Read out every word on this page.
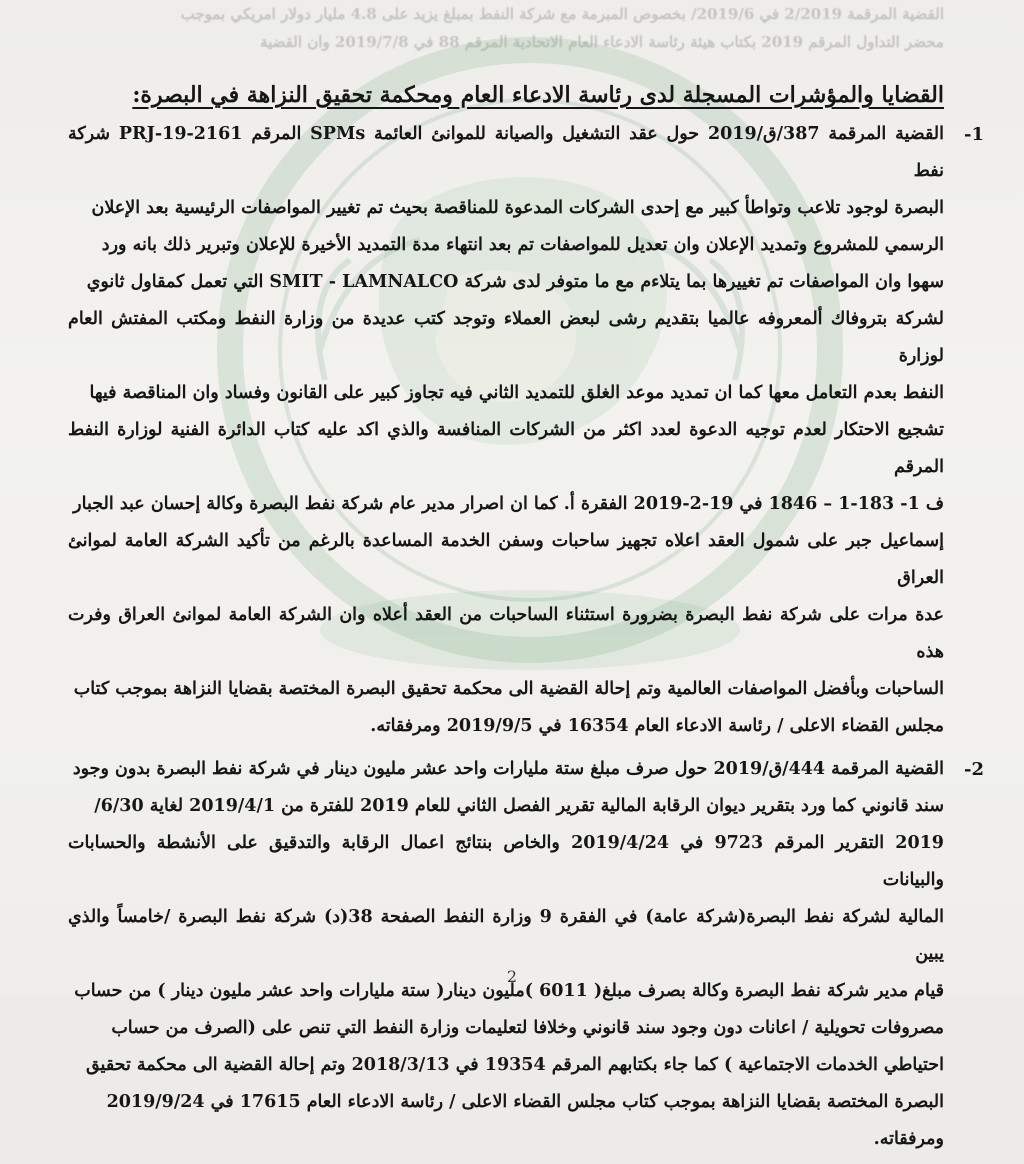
القضية المرقمة 2/2019 في 2019/6/ بخصوص المبرمة مع شركة النفط بمبلغ يزيد على 4.8 مليار دولار امريكي بموجب

محضر التداول المرقم 2019 بكتاب هيئة رئاسة الادعاء العام الاتحادية المرقم 88 في 2019/7/8 وان القضية

القضايا والمؤشرات المسجلة لدى رئاسة الادعاء العام ومحكمة تحقيق النزاهة في البصرة:
-1

القضية المرقمة 387/ق/2019 حول عقد التشغيل والصيانة للموانئ العائمة SPMs المرقم PRJ-19-2161 شركة نفط

البصرة لوجود تلاعب وتواطأ كبير مع إحدى الشركات المدعوة للمناقصة بحيث تم تغيير المواصفات الرئيسية بعد الإعلان

الرسمي للمشروع وتمديد الإعلان وان تعديل للمواصفات تم بعد انتهاء مدة التمديد الأخيرة للإعلان وتبرير ذلك بانه ورد

سهوا وان المواصفات تم تغييرها بما يتلاءم مع ما متوفر لدى شركة SMIT - LAMNALCO التي تعمل كمقاول ثانوي

لشركة بتروفاك ألمعروفه عالميا بتقديم رشى لبعض العملاء وتوجد كتب عديدة من وزارة النفط ومكتب المفتش العام لوزارة

النفط بعدم التعامل معها كما ان تمديد موعد الغلق للتمديد الثاني فيه تجاوز كبير على القانون وفساد وان المناقصة فيها

تشجيع الاحتكار لعدم توجيه الدعوة لعدد اكثر من الشركات المنافسة والذي اكد عليه كتاب الدائرة الفنية لوزارة النفط المرقم

ف 1- 183-1 – 1846 في 19-2-2019 الفقرة أ. كما ان اصرار مدير عام شركة نفط البصرة وكالة إحسان عبد الجبار

إسماعيل جبر على شمول العقد اعلاه تجهيز ساحبات وسفن الخدمة المساعدة بالرغم من تأكيد الشركة العامة لموانئ العراق

عدة مرات على شركة نفط البصرة بضرورة استثناء الساحبات من العقد أعلاه وان الشركة العامة لموانئ العراق وفرت هذه

الساحبات وبأفضل المواصفات العالمية وتم إحالة القضية الى محكمة تحقيق البصرة المختصة بقضايا النزاهة بموجب كتاب

مجلس القضاء الاعلى / رئاسة الادعاء العام 16354 في 2019/9/5 ومرفقاته.

-2

القضية المرقمة 444/ق/2019 حول صرف مبلغ ستة مليارات واحد عشر مليون دينار في شركة نفط البصرة بدون وجود

سند قانوني كما ورد بتقرير ديوان الرقابة المالية تقرير الفصل الثاني للعام 2019 للفترة من 2019/4/1 لغاية 6/30/

2019 التقرير المرقم 9723 في 2019/4/24 والخاص بنتائج اعمال الرقابة والتدقيق على الأنشطة والحسابات والبيانات

المالية لشركة نفط البصرة(شركة عامة) في الفقرة 9 وزارة النفط الصفحة 38(د) شركة نفط البصرة /خامساً والذي يبين

قيام مدير شركة نفط البصرة وكالة بصرف مبلغ( 6011 )مليون دينار( ستة مليارات واحد عشر مليون دينار ) من حساب

مصروفات تحويلية / اعانات دون وجود سند قانوني وخلافا لتعليمات وزارة النفط التي تنص على (الصرف من حساب

احتياطي الخدمات الاجتماعية ) كما جاء بكتابهم المرقم 19354 في 2018/3/13 وتم إحالة القضية الى محكمة تحقيق

البصرة المختصة بقضايا النزاهة بموجب كتاب مجلس القضاء الاعلى / رئاسة الادعاء العام 17615 في 2019/9/24

ومرفقاته.

2
